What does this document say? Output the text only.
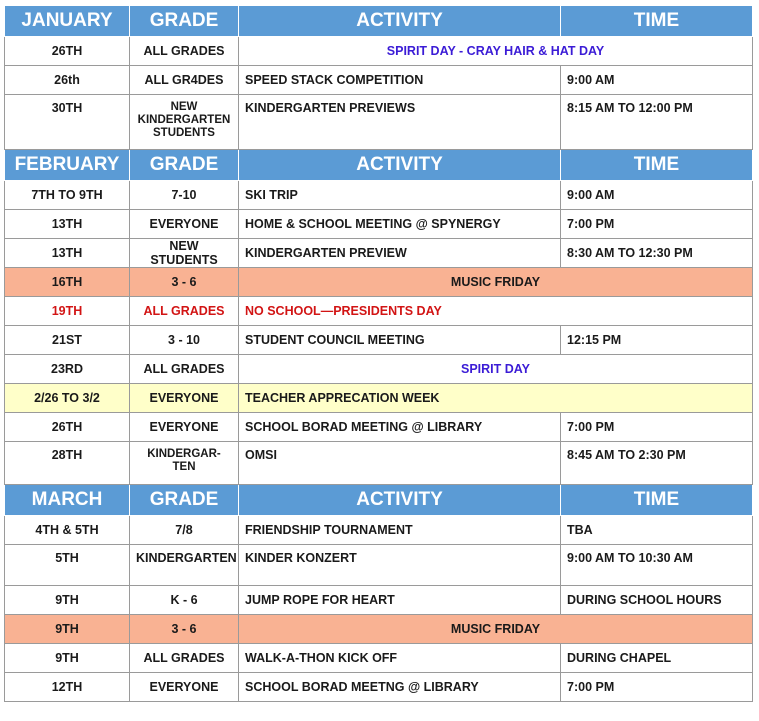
JANUARY	GRADE	ACTIVITY	TIME
26TH	ALL GRADES	SPIRIT DAY - CRAY HAIR & HAT DAY	
26th	ALL GR4DES	SPEED STACK COMPETITION	9:00 AM
30TH	NEW KINDERGARTEN STUDENTS	KINDERGARTEN PREVIEWS	8:15 AM TO 12:00 PM
FEBRUARY	GRADE	ACTIVITY	TIME
7TH TO 9TH	7-10	SKI TRIP	9:00 AM
13TH	EVERYONE	HOME & SCHOOL MEETING @ SPYNERGY	7:00 PM
13TH	NEW STUDENTS	KINDERGARTEN PREVIEW	8:30 AM TO 12:30 PM
16TH	3 - 6	MUSIC FRIDAY	
19TH	ALL GRADES	NO SCHOOL—PRESIDENTS DAY	
21ST	3 - 10	STUDENT COUNCIL MEETING	12:15 PM
23RD	ALL GRADES	SPIRIT DAY	
2/26 TO 3/2	EVERYONE	TEACHER APPRECATION WEEK	
26TH	EVERYONE	SCHOOL BORAD MEETING @ LIBRARY	7:00 PM
28TH	KINDERGAR-TEN	OMSI	8:45 AM TO 2:30 PM
MARCH	GRADE	ACTIVITY	TIME
4TH & 5TH	7/8	FRIENDSHIP TOURNAMENT	TBA
5TH	KINDERGARTEN	KINDER KONZERT	9:00 AM TO 10:30 AM
9TH	K - 6	JUMP ROPE FOR HEART	DURING SCHOOL HOURS
9TH	3 - 6	MUSIC FRIDAY	
9TH	ALL GRADES	WALK-A-THON KICK OFF	DURING CHAPEL
12TH	EVERYONE	SCHOOL BORAD MEETNG @ LIBRARY	7:00 PM
